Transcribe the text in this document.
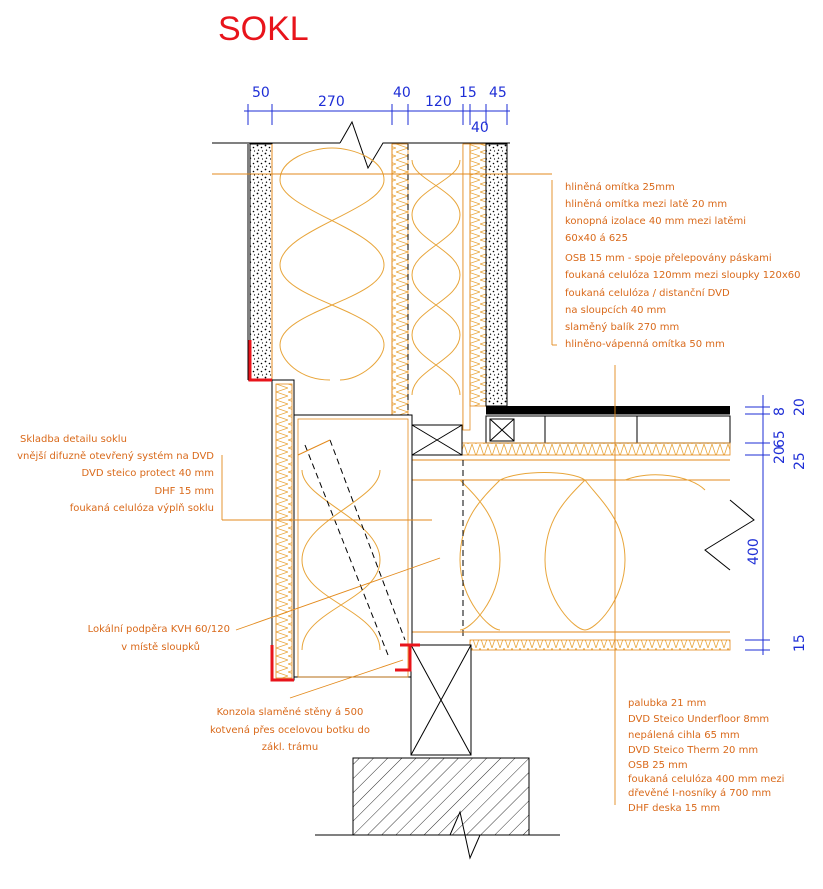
SOKL
50
270
40
120
15 45
40
8 20
65
20 25
400
15
hliněná omítka 25mm
hliněná omítka mezi latě 20 mm
konopná izolace 40 mm mezi latěmi
60x40 á 625
OSB 15 mm - spoje přelepovány páskami
foukaná celulóza 120mm mezi sloupky 120x60
foukaná celulóza / distanční DVD
na sloupcích 40 mm
slaměný balík 270 mm
hliněno-vápenná omítka 50 mm
Skladba detailu soklu
vnější difuzně otevřený systém na DVD
DVD steico protect 40 mm
DHF 15 mm
foukaná celulóza výplň soklu
Lokální podpěra KVH 60/120
v místě sloupků
Konzola slaměné stěny á 500
kotvená přes ocelovou botku do
zákl. trámu
palubka 21 mm
DVD Steico Underfloor 8mm
nepálená cihla 65 mm
DVD Steico Therm 20 mm
OSB 25 mm
foukaná celulóza 400 mm mezi
dřevěné I-nosníky á 700 mm
DHF deska 15 mm
